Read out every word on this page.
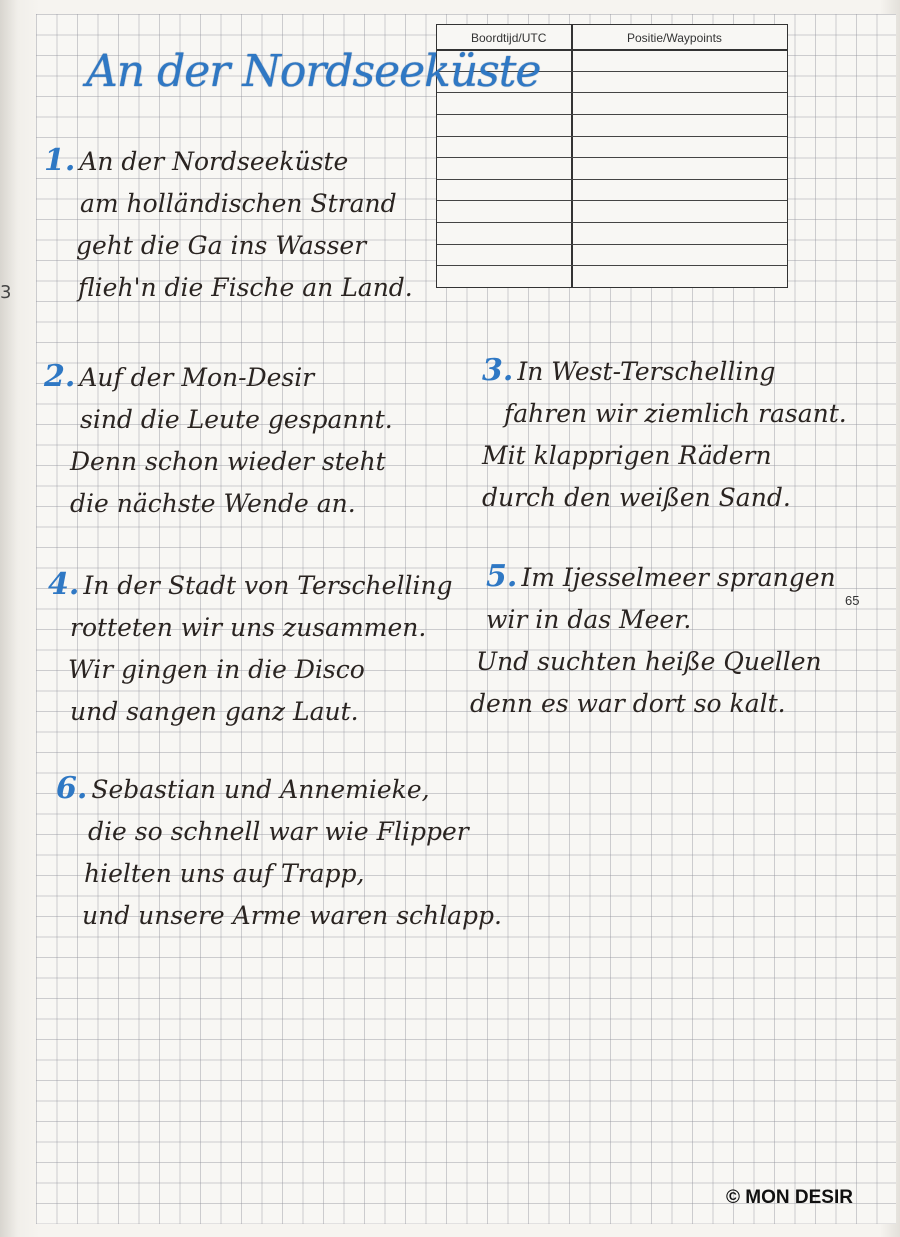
3
Boordtijd/UTC	Positie/Waypoints
An der Nordseeküste
1. An der Nordseeküste
am holländischen Strand
geht die Ga ins Wasser
flieh'n die Fische an Land.
2. Auf der Mon-Desir
sind die Leute gespannt.
Denn schon wieder steht
die nächste Wende an.
3. In West-Terschelling
fahren wir ziemlich rasant.
Mit klapprigen Rädern
durch den weißen Sand.
4. In der Stadt von Terschelling
rotteten wir uns zusammen.
Wir gingen in die Disco
und sangen ganz Laut.
5. Im Ijesselmeer sprangen
wir in das Meer.
Und suchten heiße Quellen
denn es war dort so kalt.
6. Sebastian und Annemieke,
die so schnell war wie Flipper
hielten uns auf Trapp,
und unsere Arme waren schlapp.
65
© MON DESIR
